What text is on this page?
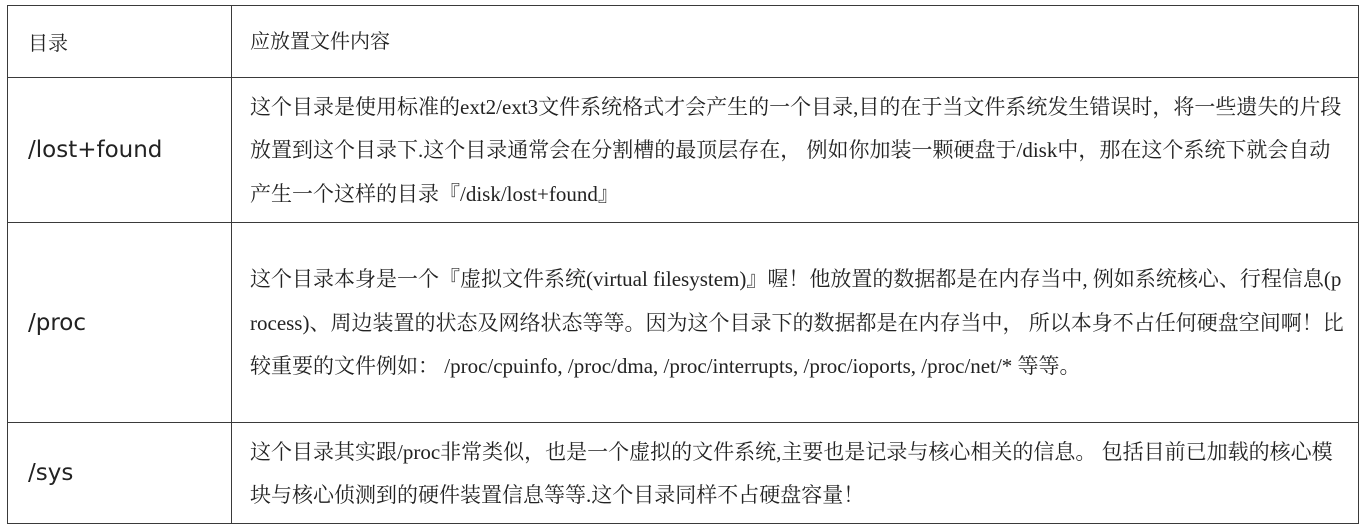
目录	应放置文件内容
/lost+found	这个目录是使用标准的ext2/ext3文件系统格式才会产生的一个目录,目的在于当文件系统发生错误时，将一些遗失的片段放置到这个目录下.这个目录通常会在分割槽的最顶层存在， 例如你加装一颗硬盘于/disk中，那在这个系统下就会自动产生一个这样的目录『/disk/lost+found』

/proc	这个目录本身是一个『虚拟文件系统(virtual filesystem)』喔！他放置的数据都是在内存当中, 例如系统核心、行程信息(process)、周边装置的状态及网络状态等等。因为这个目录下的数据都是在内存当中， 所以本身不占任何硬盘空间啊！比较重要的文件例如： /proc/cpuinfo, /proc/dma, /proc/interrupts, /proc/ioports, /proc/net/* 等等。

/sys	这个目录其实跟/proc非常类似，也是一个虚拟的文件系统,主要也是记录与核心相关的信息。 包括目前已加载的核心模块与核心侦测到的硬件装置信息等等.这个目录同样不占硬盘容量！
